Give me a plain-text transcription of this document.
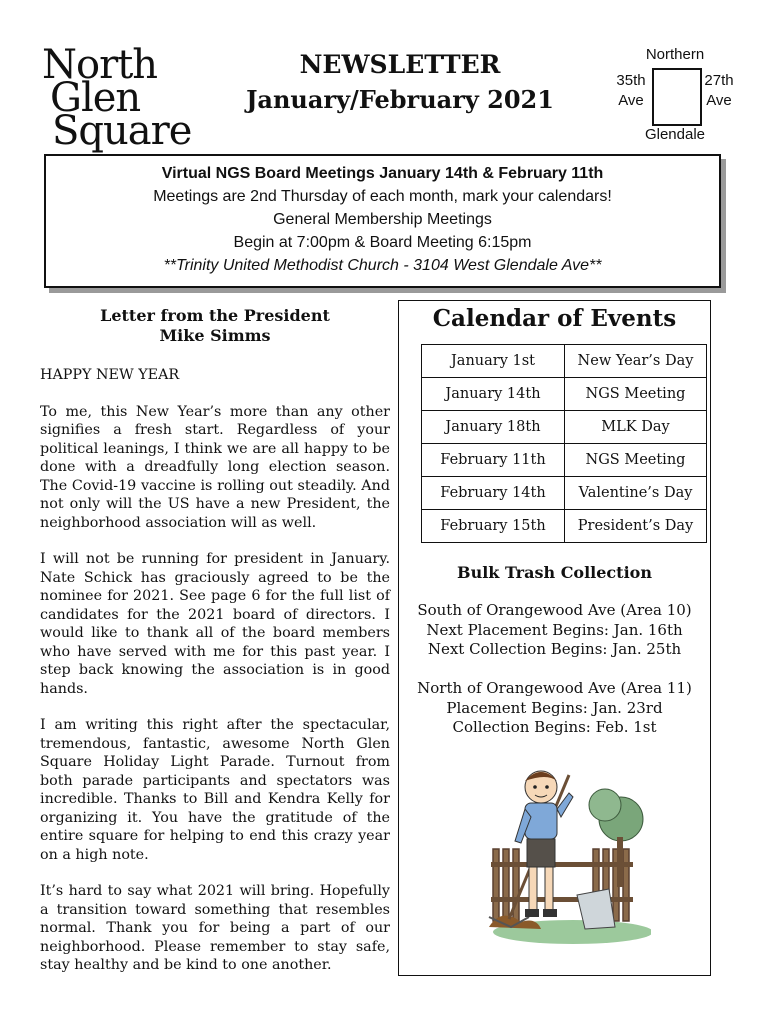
North
Glen
Square
NEWSLETTER
January/February 2021
Northern
35th Ave
27th Ave
Glendale
Virtual NGS Board Meetings January 14th & February 11th
Meetings are 2nd Thursday of each month, mark your calendars!
General Membership Meetings
Begin at 7:00pm & Board Meeting 6:15pm
**Trinity United Methodist Church - 3104 West Glendale Ave**
Letter from the President
Mike Simms

HAPPY NEW YEAR

To me, this New Year’s more than any other signifies a fresh start. Regardless of your political leanings, I think we are all happy to be done with a dreadfully long election season. The Covid-19 vaccine is rolling out steadily. And not only will the US have a new President, the neighborhood association will as well.

I will not be running for president in January. Nate Schick has graciously agreed to be the nominee for 2021. See page 6 for the full list of candidates for the 2021 board of directors. I would like to thank all of the board members who have served with me for this past year. I step back knowing the association is in good hands.

I am writing this right after the spectacular, tremendous, fantastic, awesome North Glen Square Holiday Light Parade. Turnout from both parade participants and spectators was incredible. Thanks to Bill and Kendra Kelly for organizing it. You have the gratitude of the entire square for helping to end this crazy year on a high note.

It’s hard to say what 2021 will bring. Hopefully a transition toward something that resembles normal. Thank you for being a part of our neighborhood. Please remember to stay safe, stay healthy and be kind to one another.

Calendar of Events
January 1st	New Year’s Day
January 14th	NGS Meeting
January 18th	MLK Day
February 11th	NGS Meeting
February 14th	Valentine’s Day
February 15th	President’s Day
Bulk Trash Collection
South of Orangewood Ave (Area 10)
Next Placement Begins: Jan. 16th
Next Collection Begins: Jan. 25th
North of Orangewood Ave (Area 11)
Placement Begins: Jan. 23rd
Collection Begins: Feb. 1st
